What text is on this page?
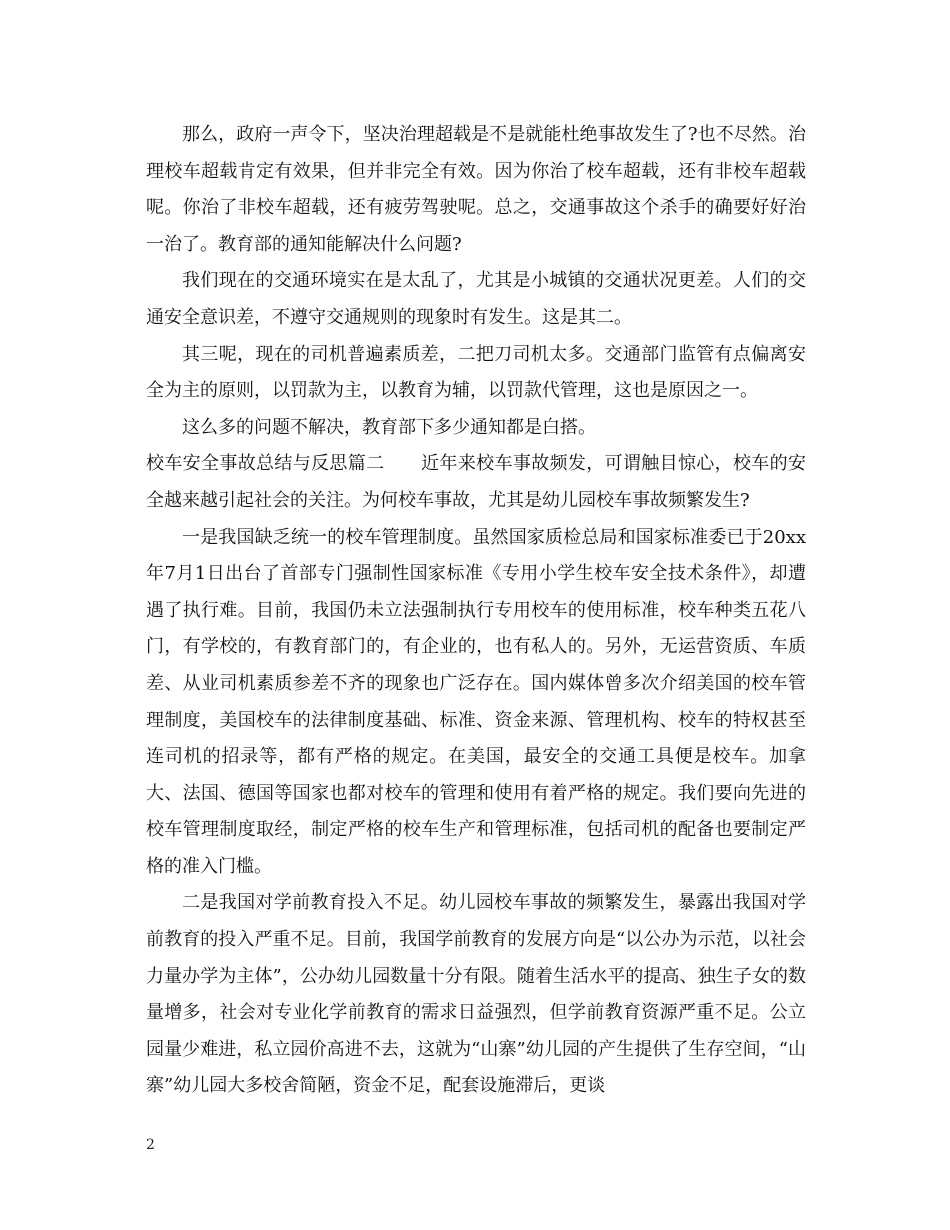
那么，政府一声令下，坚决治理超载是不是就能杜绝事故发生了?也不尽然。治理校车超载肯定有效果，但并非完全有效。因为你治了校车超载，还有非校车超载呢。你治了非校车超载，还有疲劳驾驶呢。总之，交通事故这个杀手的确要好好治一治了。教育部的通知能解决什么问题?

我们现在的交通环境实在是太乱了，尤其是小城镇的交通状况更差。人们的交通安全意识差，不遵守交通规则的现象时有发生。这是其二。

其三呢，现在的司机普遍素质差，二把刀司机太多。交通部门监管有点偏离安全为主的原则，以罚款为主，以教育为辅，以罚款代管理，这也是原因之一。

这么多的问题不解决，教育部下多少通知都是白搭。

校车安全事故总结与反思篇二　　近年来校车事故频发，可谓触目惊心，校车的安全越来越引起社会的关注。为何校车事故，尤其是幼儿园校车事故频繁发生?

一是我国缺乏统一的校车管理制度。虽然国家质检总局和国家标准委已于20xx年7月1日出台了首部专门强制性国家标准《专用小学生校车安全技术条件》，却遭遇了执行难。目前，我国仍未立法强制执行专用校车的使用标准，校车种类五花八门，有学校的，有教育部门的，有企业的，也有私人的。另外，无运营资质、车质差、从业司机素质参差不齐的现象也广泛存在。国内媒体曾多次介绍美国的校车管理制度，美国校车的法律制度基础、标准、资金来源、管理机构、校车的特权甚至连司机的招录等，都有严格的规定。在美国，最安全的交通工具便是校车。加拿大、法国、德国等国家也都对校车的管理和使用有着严格的规定。我们要向先进的校车管理制度取经，制定严格的校车生产和管理标准，包括司机的配备也要制定严格的准入门槛。

二是我国对学前教育投入不足。幼儿园校车事故的频繁发生，暴露出我国对学前教育的投入严重不足。目前，我国学前教育的发展方向是“以公办为示范，以社会力量办学为主体”，公办幼儿园数量十分有限。随着生活水平的提高、独生子女的数量增多，社会对专业化学前教育的需求日益强烈，但学前教育资源严重不足。公立园量少难进，私立园价高进不去，这就为“山寨”幼儿园的产生提供了生存空间，“山寨”幼儿园大多校舍简陋，资金不足，配套设施滞后，更谈

2
